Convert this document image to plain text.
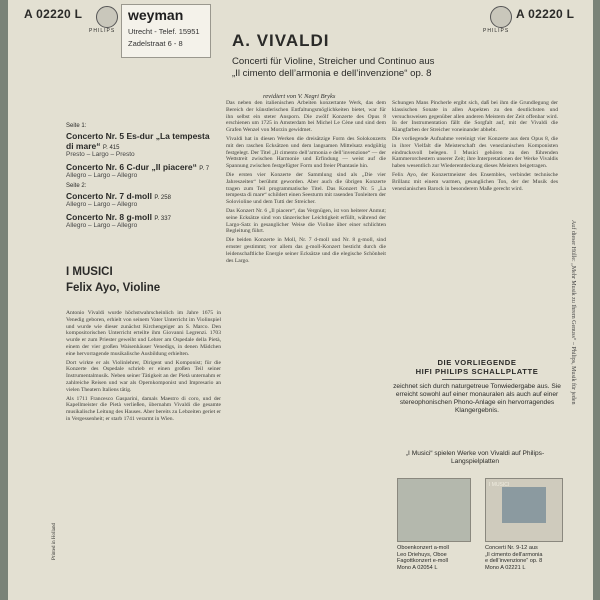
A 02220 L
PHILIPS
weyman
Utrecht - Telef. 15951
Zadelstraat 6 - 8
PHILIPS
A 02220 L
A. VIVALDI
Concerti für Violine, Streicher und Continuo aus
„Il cimento dell’armonia e dell’invenzione“ op. 8
revidiert von V. Negri Bryks
Seite 1:
Concerto Nr. 5 Es-dur „La tempesta di mare“ P. 415
Presto – Largo – Presto
Concerto Nr. 6 C-dur „Il piacere“ P. 7
Allegro – Largo – Allegro
Seite 2:
Concerto Nr. 7 d-moll P. 258
Allegro – Largo – Allegro
Concerto Nr. 8 g-moll P. 337
Allegro – Largo – Allegro
I MUSICI
Felix Ayo, Violine

Antonio Vivaldi wurde höchstwahrscheinlich im Jahre 1675 in Venedig geboren, erhielt von seinem Vater Unterricht im Violinspiel und wurde wie dieser zunächst Kirchengeiger an S. Marco. Den kompositorischen Unterricht erteilte ihm Giovanni Legrenzi. 1703 wurde er zum Priester geweiht und Lehrer am Ospedale della Pietà, einem der vier großen Waisenhäuser Venedigs, in denen Mädchen eine hervorragende musikalische Ausbildung erhielten.

Dort wirkte er als Violinlehrer, Dirigent und Komponist; für die Konzerte des Ospedale schrieb er einen großen Teil seiner Instrumentalmusik. Neben seiner Tätigkeit an der Pietà unternahm er zahlreiche Reisen und war als Opernkomponist und Impresario an vielen Theatern Italiens tätig.

Als 1711 Francesco Gasparini, damals Maestro di coro, und der Kapellmeister die Pietà verließen, übernahm Vivaldi die gesamte musikalische Leitung des Hauses. Aber bereits zu Lebzeiten geriet er in Vergessenheit; er starb 1741 verarmt in Wien.

Das neben den italienischen Arbeiten konzertante Werk, das dem Bereich der künstlerischen Entfaltungsmöglichkeiten bietet, war für ihn selbst ein steter Ansporn. Die zwölf Konzerte des Opus 8 erschienen um 1725 in Amsterdam bei Michel Le Cène und sind dem Grafen Wenzel von Morzin gewidmet.

Vivaldi hat in diesen Werken die dreisätzige Form des Solokonzerts mit den raschen Ecksätzen und dem langsamen Mittelsatz endgültig festgelegt. Der Titel „Il cimento dell’armonia e dell’invenzione“ — der Wettstreit zwischen Harmonie und Erfindung — weist auf die Spannung zwischen festgefügter Form und freier Phantasie hin.

Die ersten vier Konzerte der Sammlung sind als „Die vier Jahreszeiten“ berühmt geworden. Aber auch die übrigen Konzerte tragen zum Teil programmatische Titel. Das Konzert Nr. 5 „La tempesta di mare“ schildert einen Seesturm mit rasenden Tonleitern der Solovioline und dem Tutti der Streicher.

Das Konzert Nr. 6 „Il piacere“, das Vergnügen, ist von heiterer Anmut; seine Ecksätze sind von tänzerischer Leichtigkeit erfüllt, während der Largo-Satz in gesanglicher Weise die Violine über einer schlichten Begleitung führt.

Die beiden Konzerte in Moll, Nr. 7 d-moll und Nr. 8 g-moll, sind ernster gestimmt; vor allem das g-moll-Konzert besticht durch die leidenschaftliche Energie seiner Ecksätze und die elegische Schönheit des Largo.

Schungen Mans Pincherle ergibt sich, daß bei ihm die Grundlegung der klassischen Sonate in allen Aspekten zu den deutlichsten und versuchsweisen gegenüber allen anderen Meistern der Zeit offenbar wird. In der Instrumentation fällt die Sorgfalt auf, mit der Vivaldi die Klangfarben der Streicher voneinander abhebt.

Die vorliegende Aufnahme vereinigt vier Konzerte aus dem Opus 8, die in ihrer Vielfalt die Meisterschaft des venezianischen Komponisten eindrucksvoll belegen. I Musici gehören zu den führenden Kammerorchestern unserer Zeit; ihre Interpretationen der Werke Vivaldis haben wesentlich zur Wiederentdeckung dieses Meisters beigetragen.

Felix Ayo, der Konzertmeister des Ensembles, verbindet technische Brillanz mit einem warmen, gesanglichen Ton, der der Musik des venezianischen Barock in besonderem Maße gerecht wird.

Printed in Holland
Auf dieser Hülle: „Mehr Musik zu Ihrem Genuss“ – Philips, Musik für jeden
DIE VORLIEGENDE
HIFI PHILIPS SCHALLPLATTE
zeichnet sich durch naturgetreue Tonwiedergabe aus. Sie erreicht sowohl auf einer monauralen als auch auf einer stereophonischen Phono-Anlage ein hervorragendes Klangergebnis.
„I Musici“ spielen Werke von Vivaldi auf Philips-Langspielplatten
I MUSICI
Oboenkonzert a-moll
Leo Driehuys, Oboe
Fagottkonzert e-moll
Mono A 02054 L
Concerti Nr. 9-12 aus
„Il cimento dell’armonia
e dell’invenzione“ op. 8
Mono A 02221 L
